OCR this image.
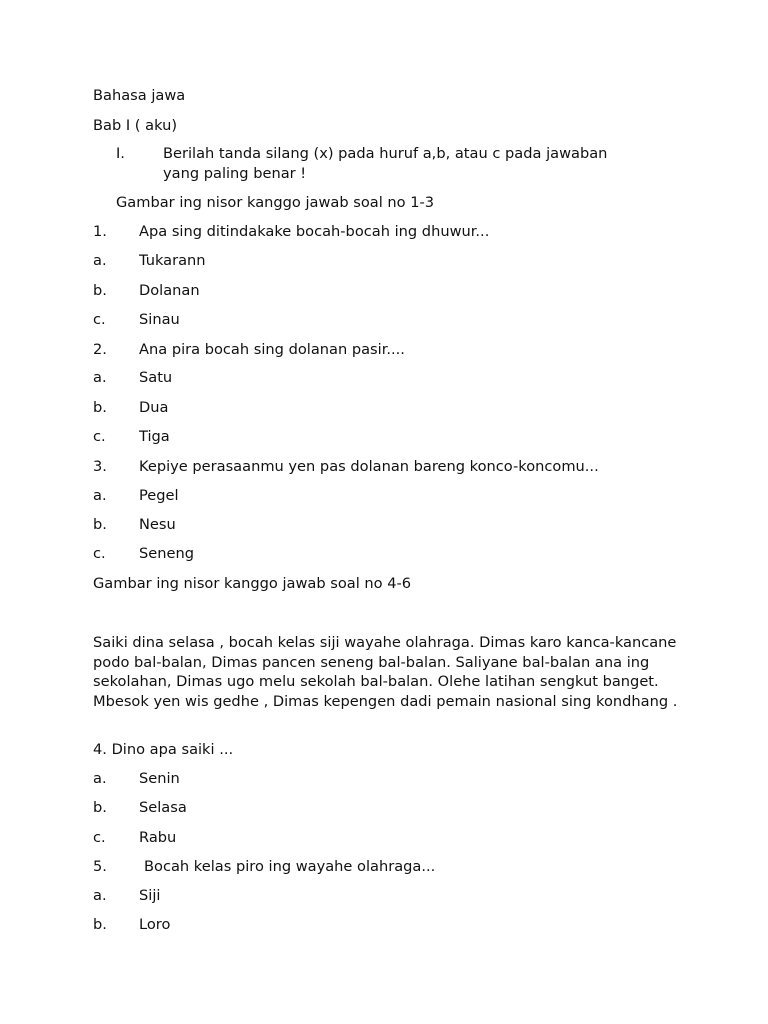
Bahasa jawa
Bab I ( aku)
I.	Berilah tanda silang (x) pada huruf a,b, atau c pada jawaban
yang paling benar !
Gambar ing nisor kanggo jawab soal no 1-3
1. Apa sing ditindakake bocah-bocah ing dhuwur...
a. Tukarann
b. Dolanan
c. Sinau
2. Ana pira bocah sing dolanan pasir....
a. Satu
b. Dua
c. Tiga
3. Kepiye perasaanmu yen pas dolanan bareng konco-koncomu...
a. Pegel
b. Nesu
c. Seneng
Gambar ing nisor kanggo jawab soal no 4-6
Saiki dina selasa , bocah kelas siji wayahe olahraga. Dimas karo kanca-kancane podo bal-balan, Dimas pancen seneng bal-balan. Saliyane bal-balan ana ing sekolahan, Dimas ugo melu sekolah bal-balan. Olehe latihan sengkut banget. Mbesok yen wis gedhe , Dimas kepengen dadi pemain nasional sing kondhang .
4. Dino apa saiki ...
a. Senin
b. Selasa
c. Rabu
5.	Bocah kelas piro ing wayahe olahraga...
a. Siji
b. Loro
